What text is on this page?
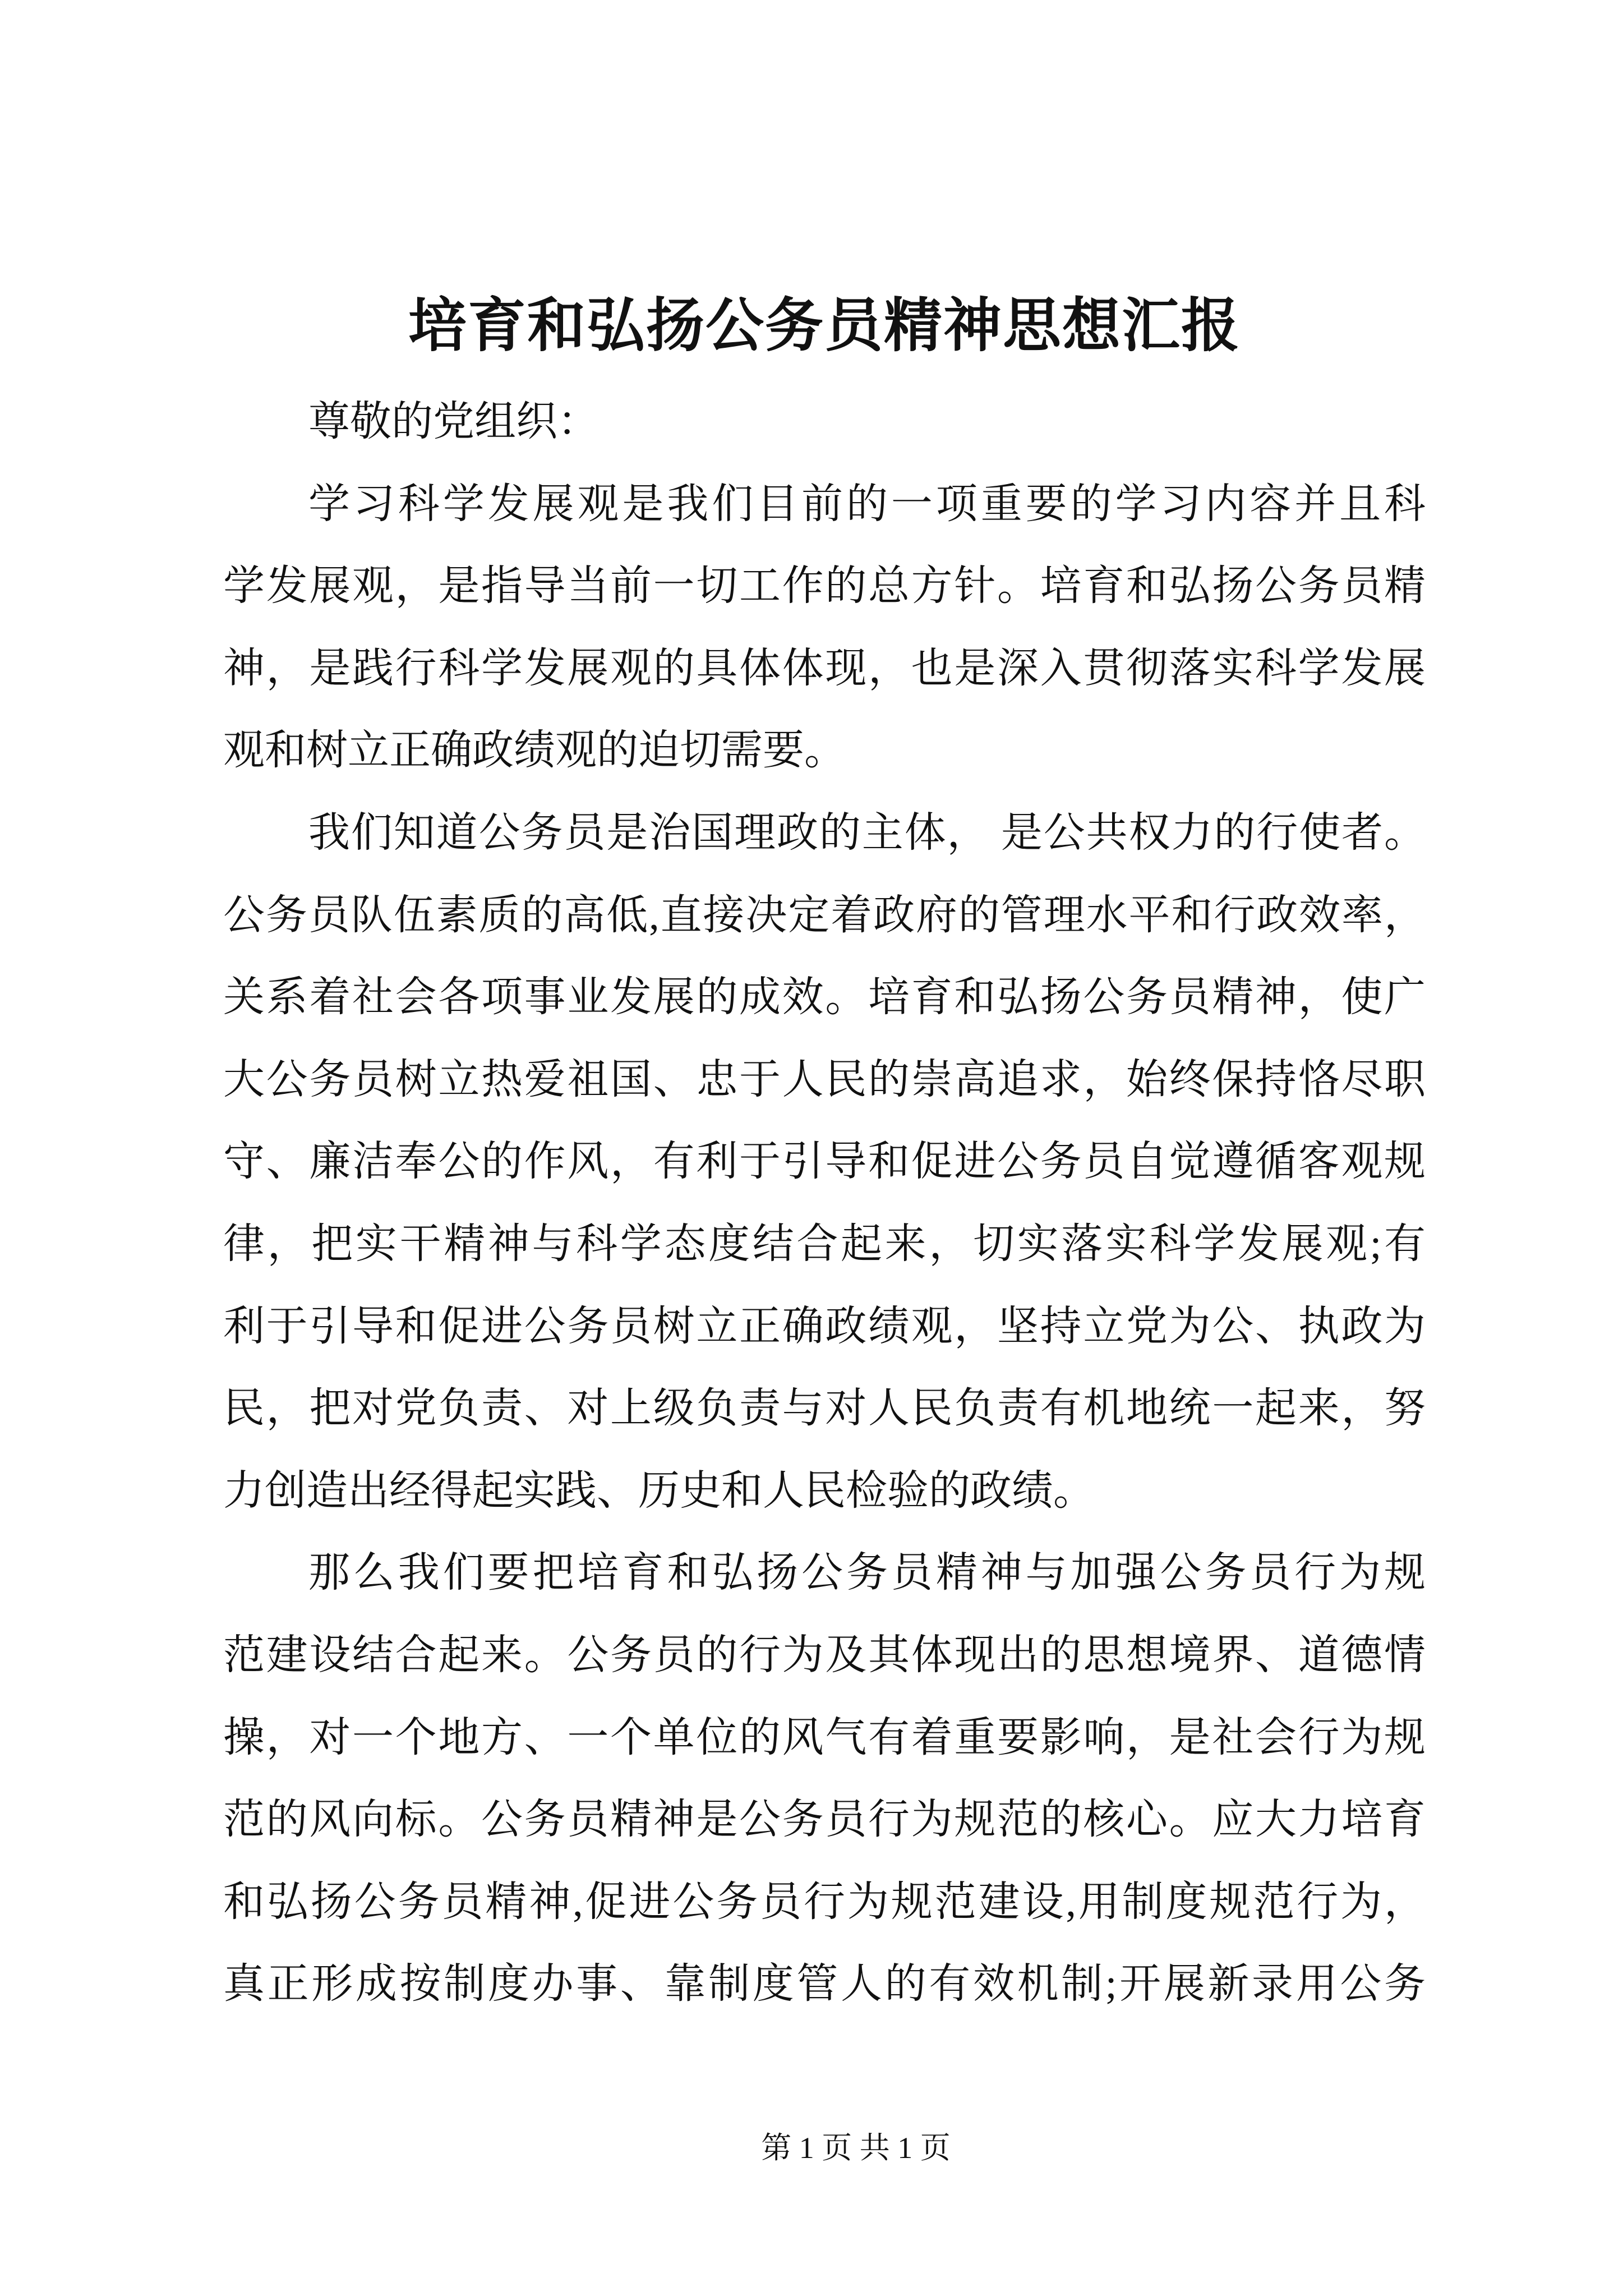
培育和弘扬公务员精神思想汇报
尊敬的党组织：
学习科学发展观是我们目前的一项重要的学习内容并且科
学发展观，是指导当前一切工作的总方针。培育和弘扬公务员精
神，是践行科学发展观的具体体现，也是深入贯彻落实科学发展
观和树立正确政绩观的迫切需要。
我们知道公务员是治国理政的主体， 是公共权力的行使者。
公务员队伍素质的高低,直接决定着政府的管理水平和行政效率，
关系着社会各项事业发展的成效。培育和弘扬公务员精神，使广
大公务员树立热爱祖国、忠于人民的崇高追求，始终保持恪尽职
守、廉洁奉公的作风，有利于引导和促进公务员自觉遵循客观规
律，把实干精神与科学态度结合起来，切实落实科学发展观;有
利于引导和促进公务员树立正确政绩观，坚持立党为公、执政为
民，把对党负责、对上级负责与对人民负责有机地统一起来，努
力创造出经得起实践、历史和人民检验的政绩。
那么我们要把培育和弘扬公务员精神与加强公务员行为规
范建设结合起来。公务员的行为及其体现出的思想境界、道德情
操，对一个地方、一个单位的风气有着重要影响，是社会行为规
范的风向标。公务员精神是公务员行为规范的核心。应大力培育
和弘扬公务员精神,促进公务员行为规范建设,用制度规范行为，
真正形成按制度办事、靠制度管人的有效机制;开展新录用公务
第 1 页 共 1 页
